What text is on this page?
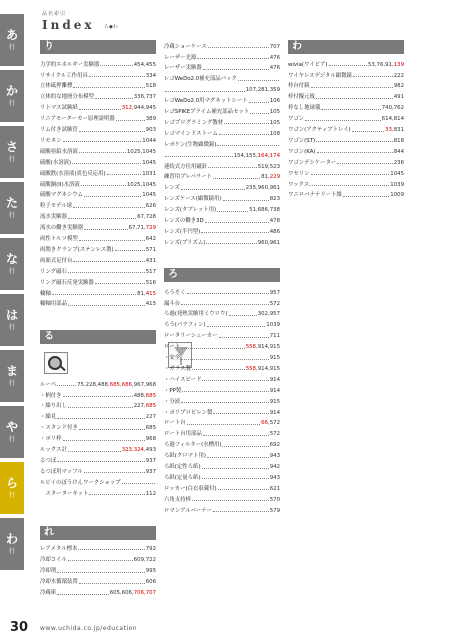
あ
行
か
行
さ
行
た
行
な
行
は
行
ま
行
や
行
ら
行
わ
行
品名索引
Index ら◆わ
り
る
れ
力学的エネルギー実験器	454,455
リサイクル工作用具	334
立体砥押離標	518
立体的な地層分布模型	336,737
リトマス試験紙	312,944,945
リニアモーターカー原理説明器	389
リム付き試験管	903
リモネン	1044
硫酸亜鉛水溶液	1025,1045
硫酸(水溶液)	1045
硫酸鉄(水溶液(炎色反応用)	1031
硫酸銅(II)水溶液	1025,1045
硫酸マグネシウム	1045
粒子モデル球	626
流水実験器	67,728
流水の働き実験器	67,71,729
両性トルソ模型	642
両開きクランプ(ステンレス製)	571
両面式足付台	431
リング磁石	517
リング磁石反発実験器	516
輪軸	81,415
輪軸用部品	415
ルーペ	75,228,488,685,686,967,968
・柄付き	488,685
・繰り出し	227,685
・繰見	227
・スタンド付き	685
・ポリ枠	968
ルックス計	323,324,493
るつぼ	937
るつぼ用マッフル	937
ルビイのぼうけんワークショップ
　スターターキット	112
レアメタル標本	792
冷却コイル	609,722
冷却剤	995
冷却水循環装置	606
冷蔵庫	605,606,706,707
ろ
冷蔵ショーケース	707
レーザー光源	476
レーザー実験器	476
レゴWeDo2.0補充部品パック
107,281,359
レゴWeDo2.0用マグネットシート	106
レゴSPIKEプライム補充部品セット	105
レゴプログラミング教材	105
レゴマインドストーム	108
レポケン(生物顕微鏡)
154,155,164,174
連続式方位用磁針	519,523
練習用プレパラート	81,229
レンズ	235,960,961
レンズケース(顕微鏡用)	823
レンズ(タブレット用)	51,686,738
レンズの働き3D	478
レンズ(半円型)	486
レンズ(プリズム)	960,961
ろうそく	957
漏斗台	572
ろ過(発熱実験用ミウロウ)	302,957
ろう(パラフィン)	1039
ロータリーシェーカー	711
ロート	558,914,915
・安全	915
・ガラス製	558,914,915
・ハイスピード	914
・PP製	914
・分液	915
・ポリプロピレン製	914
ロート台	66,572
ロート台用部品	572
ろ過フィルター(水槽用)	692
ろ紙(クロマト用)	943
ろ紙(定性ろ紙)	942
ろ紙(定量ろ紙)	943
ロッカー(白衣収蔵付)	621
六角支持棒	570
ロマンアルバーナー	579
わ
wivia(ワイビア)	53,76,91,139
ワイヤレスデジタル顕微鏡	222
枠台付鏡	982
枠付擬元板	491
枠なし地球儀	740,762
ワゴン	614,814
ワゴン(アクティブトレイ)	33,831
ワゴン(ST)	818
ワゴン(KA)	844
ワゴンデシケーター	236
ワセリン	1045
ワックス	1039
ワニロバナナリート維	1009
30 www.uchida.co.jp/education
